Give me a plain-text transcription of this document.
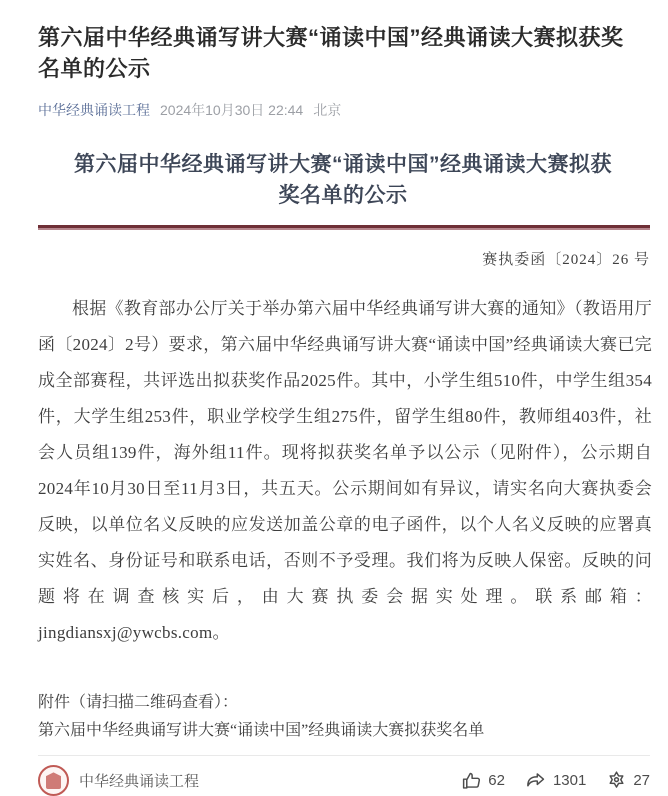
第六届中华经典诵写讲大赛“诵读中国”经典诵读大赛拟获奖名单的公示
中华经典诵读工程 2024年10月30日 22:44 北京
第六届中华经典诵写讲大赛“诵读中国”经典诵读大赛拟获奖名单的公示
赛执委函〔2024〕26 号

根据《教育部办公厅关于举办第六届中华经典诵写讲大赛的通知》（教语用厅函〔2024〕2号）要求，第六届中华经典诵写讲大赛“诵读中国”经典诵读大赛已完成全部赛程，共评选出拟获奖作品2025件。其中，小学生组510件，中学生组354件，大学生组253件，职业学校学生组275件，留学生组80件，教师组403件，社会人员组139件，海外组11件。现将拟获奖名单予以公示（见附件），公示期自2024年10月30日至11月3日，共五天。公示期间如有异议，请实名向大赛执委会反映，以单位名义反映的应发送加盖公章的电子函件，以个人名义反映的应署真实姓名、身份证号和联系电话，否则不予受理。我们将为反映人保密。反映的问题将在调查核实后，由大赛执委会据实处理。联系邮箱：jingdiansxj@ywcbs.com。

附件（请扫描二维码查看）：
第六届中华经典诵写讲大赛“诵读中国”经典诵读大赛拟获奖名单
中华经典诵读工程	62	1301	27
